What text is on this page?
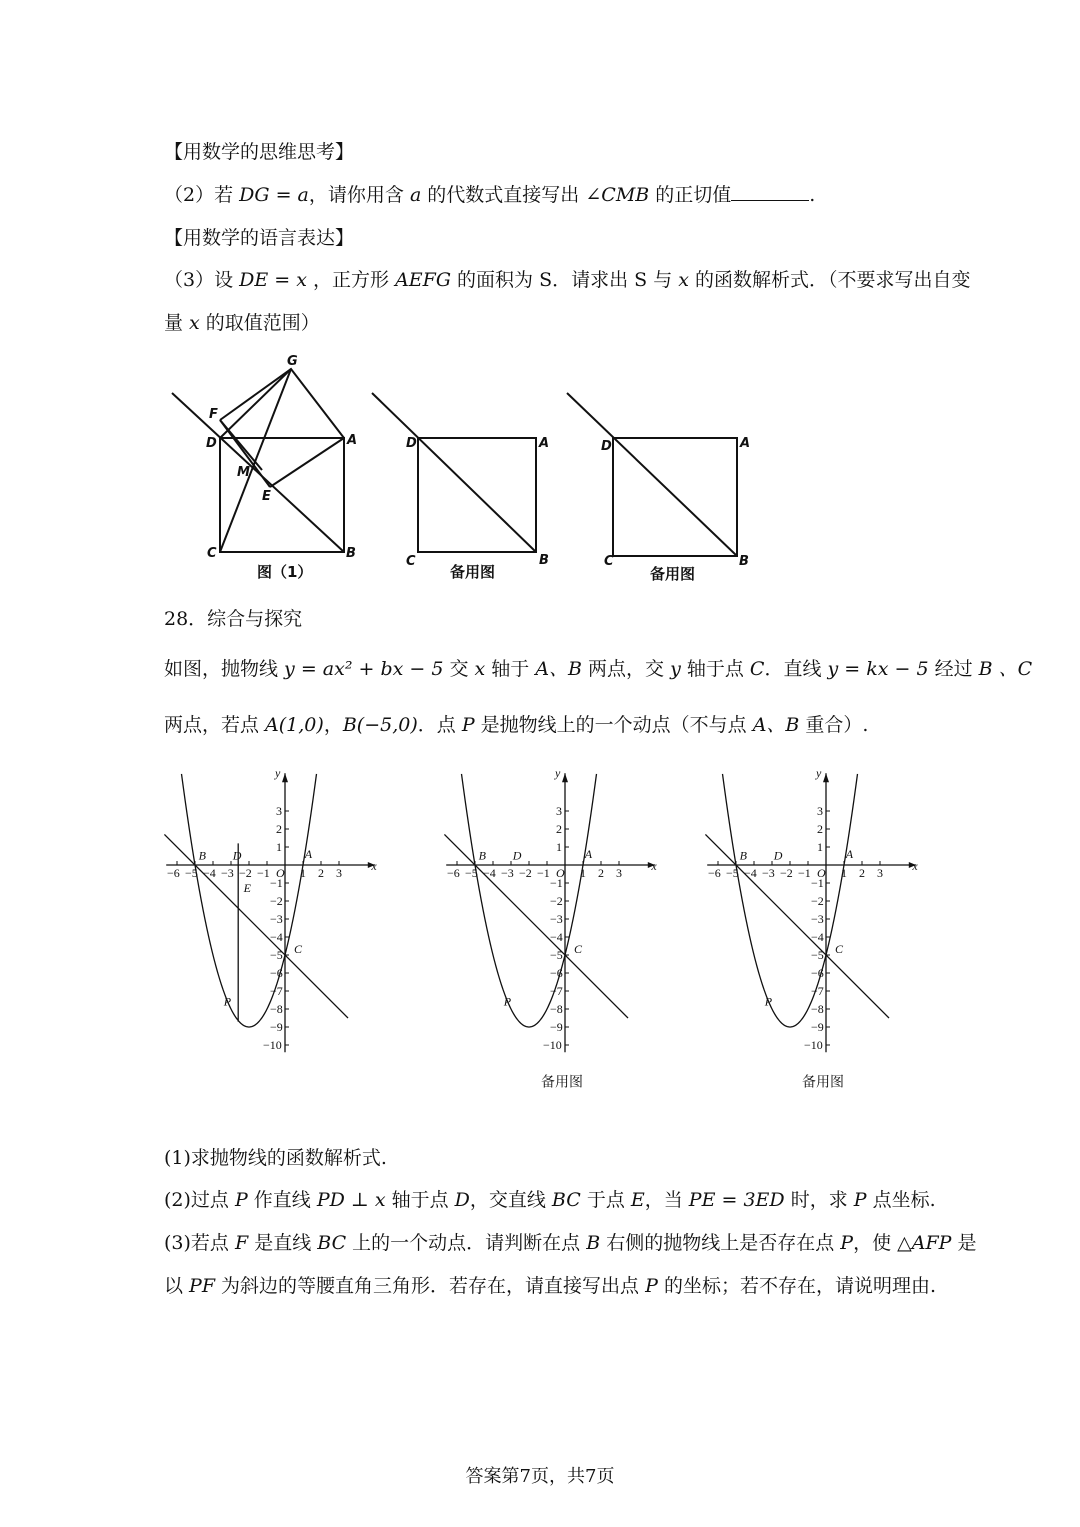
【用数学的思维思考】
（2）若 DG = a，请你用含 a 的代数式直接写出 ∠CMB 的正切值	.
【用数学的语言表达】
（3）设 DE = x ，正方形 AEFG 的面积为 S．请求出 S 与 x 的函数解析式．（不要求写出自变
量 x 的取值范围）
G
F
D	A
M
E
C	B
图（1）
D	A
C	B
备用图
D	A
C	B
备用图
28．综合与探究
如图，抛物线 y = ax² + bx − 5 交 x 轴于 A、B 两点，交 y 轴于点 C．直线 y = kx − 5 经过 B 、C
两点，若点 A(1,0)，B(−5,0)．点 P 是抛物线上的一个动点（不与点 A、B 重合）.
x
y
O
−6 −5 −4 −3 −2 −1	1 2 3
3
2
1
−1
−2
−3
−4
−5
−6
−7
−8
−9
−10
B D	A
C
P
E
x
y
O
−6 −5 −4 −3 −2 −1	1 2 3
3
2
1
−1
−2
−3
−4
−5
−6
−7
−8
−9
−10
B D	A
C
P
备用图
x
y
O
−6 −5 −4 −3 −2 −1	1 2 3
3
2
1
−1
−2
−3
−4
−5
−6
−7
−8
−9
−10
B D	A
C
P
备用图
(1)求抛物线的函数解析式.
(2)过点 P 作直线 PD ⊥ x 轴于点 D，交直线 BC 于点 E，当 PE = 3ED 时，求 P 点坐标.
(3)若点 F 是直线 BC 上的一个动点．请判断在点 B 右侧的抛物线上是否存在点 P，使 △AFP 是
以 PF 为斜边的等腰直角三角形．若存在，请直接写出点 P 的坐标；若不存在，请说明理由.
答案第7页，共7页
